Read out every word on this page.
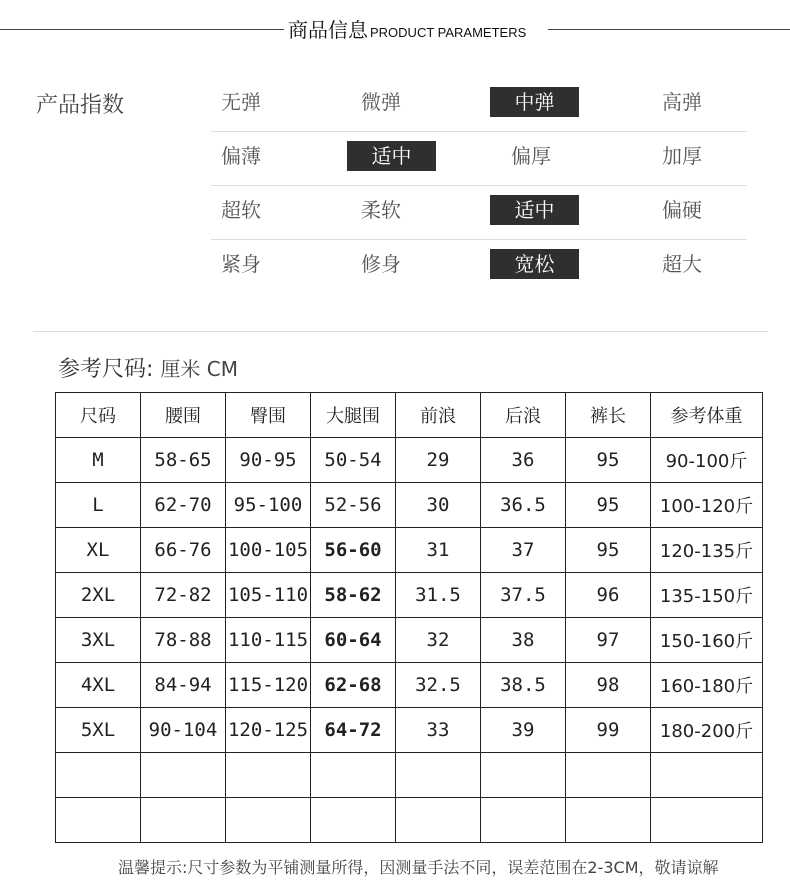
商品信息 PRODUCT PARAMETERS
产品指数	无弹	微弹	中弹	高弹
偏薄	适中	偏厚	加厚
超软	柔软	适中	偏硬
紧身	修身	宽松	超大
参考尺码: 厘米 CM
尺码	腰围	臀围	大腿围	前浪	后浪	裤长	参考体重
M	58-65	90-95	50-54	29	36	95	90-100斤
L	62-70	95-100	52-56	30	36.5	95	100-120斤
XL	66-76	100-105	56-60	31	37	95	120-135斤
2XL	72-82	105-110	58-62	31.5	37.5	96	135-150斤
3XL	78-88	110-115	60-64	32	38	97	150-160斤
4XL	84-94	115-120	62-68	32.5	38.5	98	160-180斤
5XL	90-104	120-125	64-72	33	39	99	180-200斤

温馨提示:尺寸参数为平铺测量所得，因测量手法不同，误差范围在2-3CM，敬请谅解
